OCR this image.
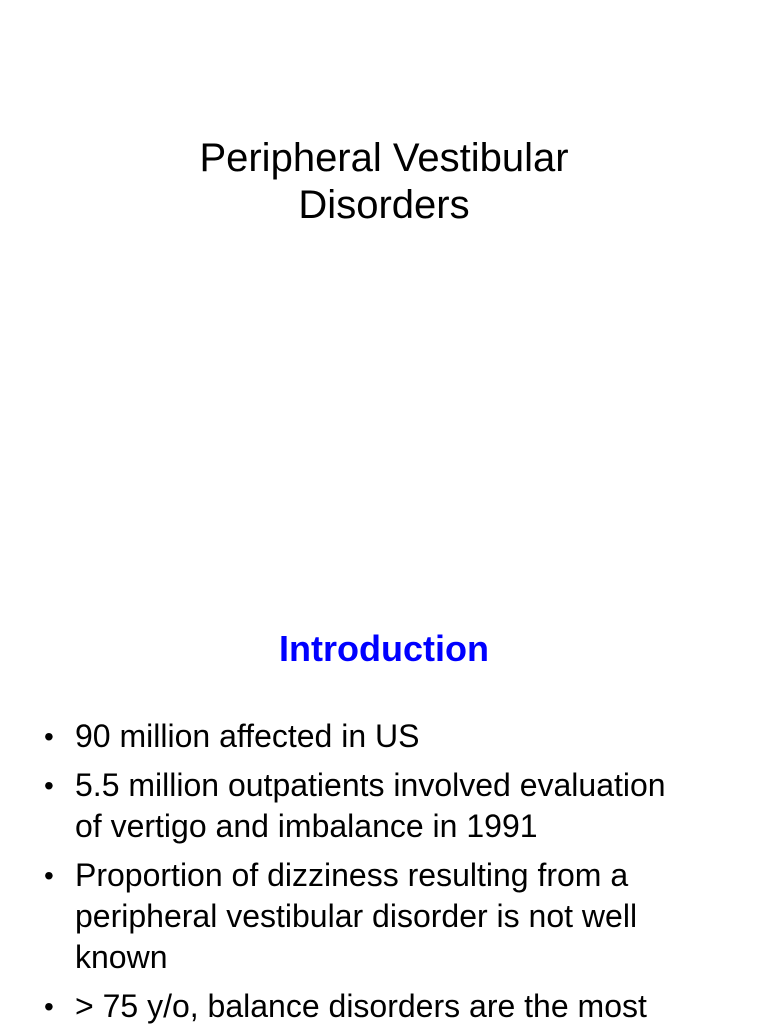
Peripheral Vestibular
Disorders
Introduction
• 90 million affected in US
• 5.5 million outpatients involved evaluation
of vertigo and imbalance in 1991
• Proportion of dizziness resulting from a
peripheral vestibular disorder is not well
known
• > 75 y/o, balance disorders are the most
